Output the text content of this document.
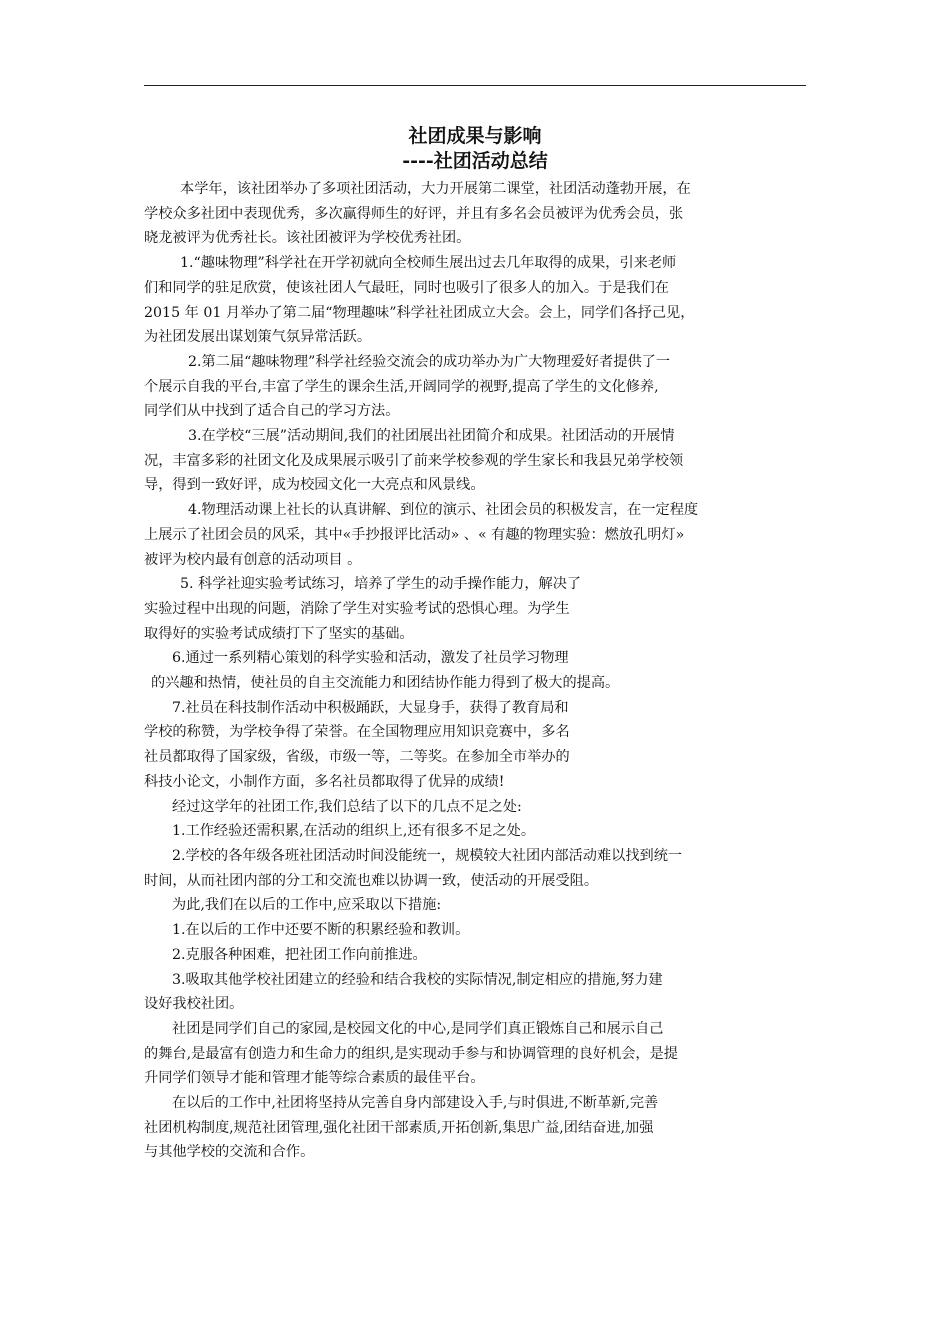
社团成果与影响
----社团活动总结

本学年，该社团举办了多项社团活动，大力开展第二课堂，社团活动蓬勃开展，在
学校众多社团中表现优秀，多次赢得师生的好评，并且有多名会员被评为优秀会员，张
晓龙被评为优秀社长。该社团被评为学校优秀社团。

1.“趣味物理”科学社在开学初就向全校师生展出过去几年取得的成果，引来老师
们和同学的驻足欣赏，使该社团人气最旺，同时也吸引了很多人的加入。于是我们在
2015 年 01 月举办了第二届“物理趣味”科学社社团成立大会。会上，同学们各抒己见，
为社团发展出谋划策气氛异常活跃。

2.第二届“趣味物理”科学社经验交流会的成功举办为广大物理爱好者提供了一
个展示自我的平台,丰富了学生的课余生活,开阔同学的视野,提高了学生的文化修养,
同学们从中找到了适合自己的学习方法。

3.在学校“三展”活动期间,我们的社团展出社团简介和成果。社团活动的开展情
况，丰富多彩的社团文化及成果展示吸引了前来学校参观的学生家长和我县兄弟学校领
导，得到一致好评，成为校园文化一大亮点和风景线。

4.物理活动课上社长的认真讲解、到位的演示、社团会员的积极发言，在一定程度
上展示了社团会员的风采，其中«手抄报评比活动» 、« 有趣的物理实验：燃放孔明灯»
被评为校内最有创意的活动项目 。

5. 科学社迎实验考试练习，培养了学生的动手操作能力，解决了
实验过程中出现的问题，消除了学生对实验考试的恐惧心理。为学生
取得好的实验考试成绩打下了坚实的基础。

6.通过一系列精心策划的科学实验和活动，激发了社员学习物理
的兴趣和热情，使社员的自主交流能力和团结协作能力得到了极大的提高。

7.社员在科技制作活动中积极踊跃，大显身手，获得了教育局和
学校的称赞，为学校争得了荣誉。在全国物理应用知识竞赛中，多名
社员都取得了国家级，省级，市级一等，二等奖。在参加全市举办的
科技小论文，小制作方面，多名社员都取得了优异的成绩!

经过这学年的社团工作,我们总结了以下的几点不足之处:

1.工作经验还需积累,在活动的组织上,还有很多不足之处。

2.学校的各年级各班社团活动时间没能统一，规模较大社团内部活动难以找到统一
时间，从而社团内部的分工和交流也难以协调一致，使活动的开展受阻。

为此,我们在以后的工作中,应采取以下措施:

1.在以后的工作中还要不断的积累经验和教训。

2.克服各种困难，把社团工作向前推进。

3.吸取其他学校社团建立的经验和结合我校的实际情况,制定相应的措施,努力建
设好我校社团。

社团是同学们自己的家园,是校园文化的中心,是同学们真正锻炼自己和展示自己
的舞台,是最富有创造力和生命力的组织,是实现动手参与和协调管理的良好机会，是提
升同学们领导才能和管理才能等综合素质的最佳平台。

在以后的工作中,社团将坚持从完善自身内部建设入手,与时俱进,不断革新,完善
社团机构制度,规范社团管理,强化社团干部素质,开拓创新,集思广益,团结奋进,加强
与其他学校的交流和合作。
